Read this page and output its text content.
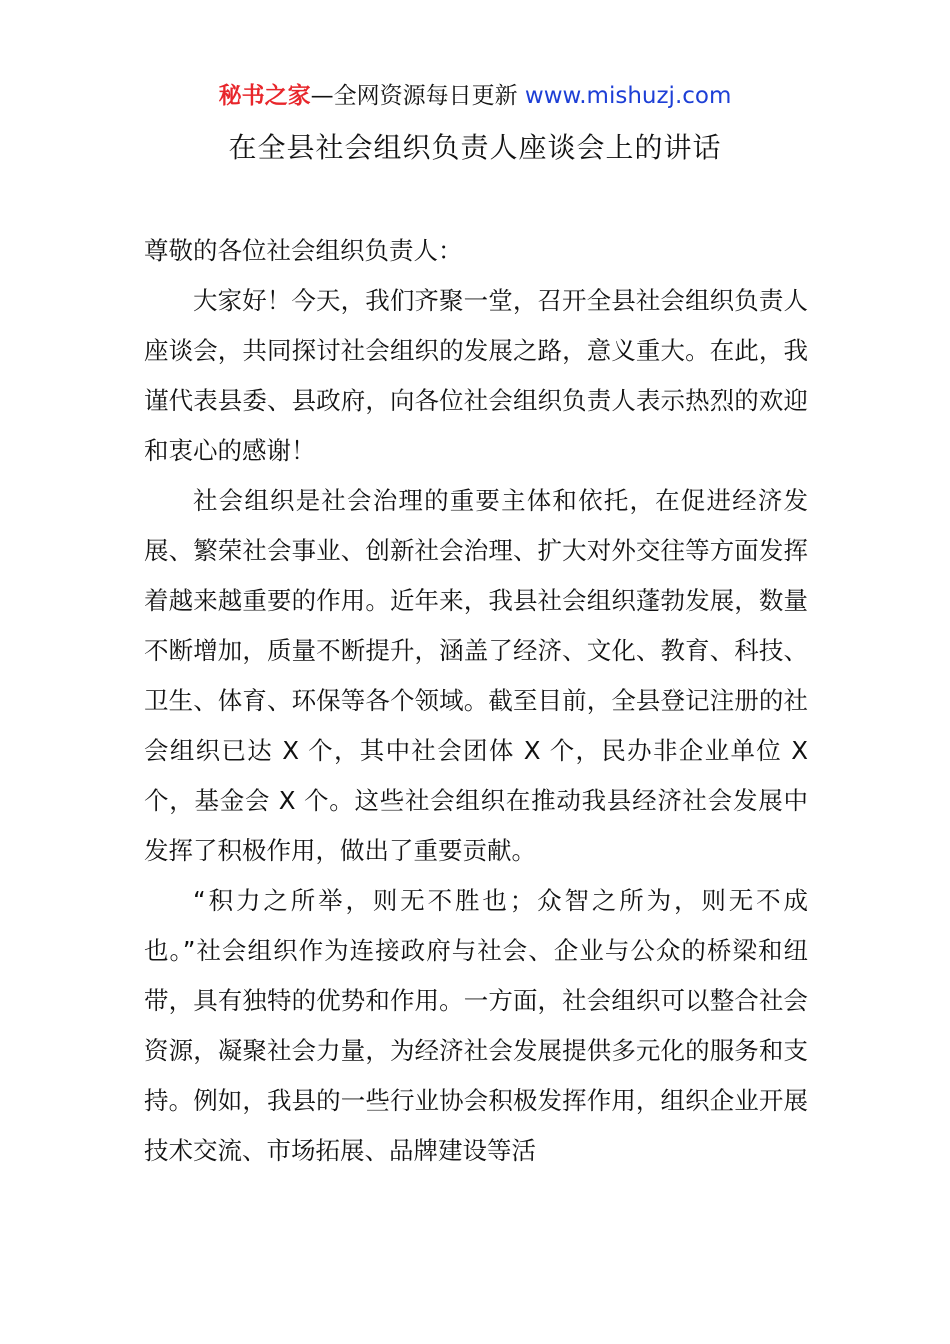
秘书之家—全网资源每日更新 www.mishuzj.com
在全县社会组织负责人座谈会上的讲话

尊敬的各位社会组织负责人：

大家好！今天，我们齐聚一堂，召开全县社会组织负责人座谈会，共同探讨社会组织的发展之路，意义重大。在此，我谨代表县委、县政府，向各位社会组织负责人表示热烈的欢迎和衷心的感谢！

社会组织是社会治理的重要主体和依托，在促进经济发展、繁荣社会事业、创新社会治理、扩大对外交往等方面发挥着越来越重要的作用。近年来，我县社会组织蓬勃发展，数量不断增加，质量不断提升，涵盖了经济、文化、教育、科技、卫生、体育、环保等各个领域。截至目前，全县登记注册的社会组织已达 X 个，其中社会团体 X 个，民办非企业单位 X 个，基金会 X 个。这些社会组织在推动我县经济社会发展中发挥了积极作用，做出了重要贡献。

“积力之所举，则无不胜也；众智之所为，则无不成也。”社会组织作为连接政府与社会、企业与公众的桥梁和纽带，具有独特的优势和作用。一方面，社会组织可以整合社会资源，凝聚社会力量，为经济社会发展提供多元化的服务和支持。例如，我县的一些行业协会积极发挥作用，组织企业开展技术交流、市场拓展、品牌建设等活
